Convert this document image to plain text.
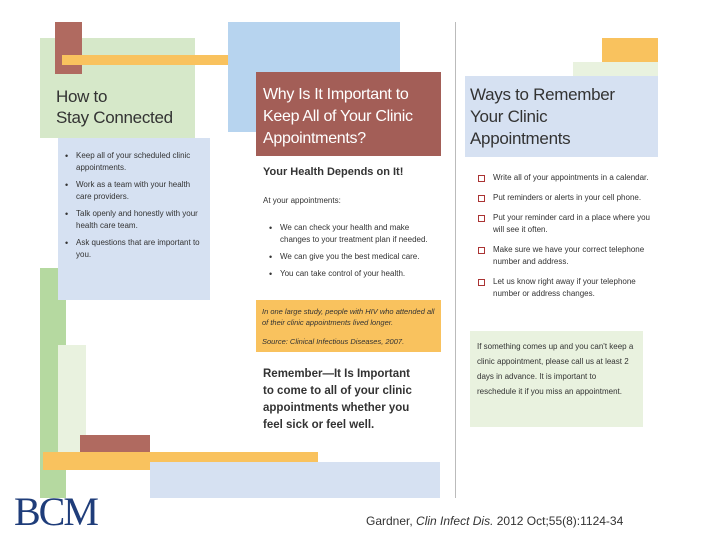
How to
Stay Connected
• Keep all of your scheduled clinic appointments.
• Work as a team with your health care providers.
• Talk openly and honestly with your health care team.
• Ask questions that are important to you.
Why Is It Important to Keep All of Your Clinic Appointments?
Your Health Depends on It!
At your appointments:
• We can check your health and make changes to your treatment plan if needed.
• We can give you the best medical care.
• You can take control of your health.
In one large study, people with HIV who attended all of their clinic appointments lived longer.
Source: Clinical Infectious Diseases, 2007.
Remember—It Is Important to come to all of your clinic appointments whether you feel sick or feel well.
Ways to Remember Your Clinic Appointments
Write all of your appointments in a calendar.
Put reminders or alerts in your cell phone.
Put your reminder card in a place where you will see it often.
Make sure we have your correct telephone number and address.
Let us know right away if your telephone number or address changes.
If something comes up and you can't keep a clinic appointment, please call us at least 2 days in advance. It is important to reschedule it if you miss an appointment.
BCM	Gardner, Clin Infect Dis. 2012 Oct;55(8):1124-34
